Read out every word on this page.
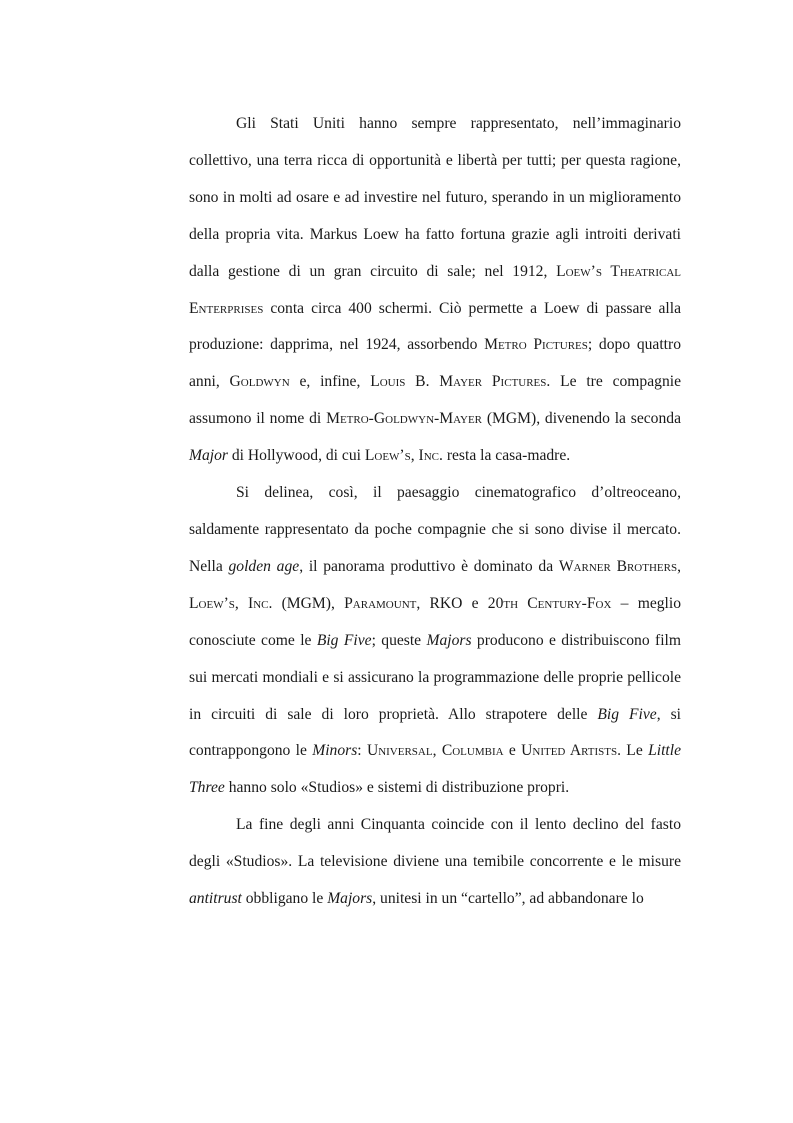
Gli Stati Uniti hanno sempre rappresentato, nell’immaginario collettivo, una terra ricca di opportunità e libertà per tutti; per questa ragione, sono in molti ad osare e ad investire nel futuro, sperando in un miglioramento della propria vita. Markus Loew ha fatto fortuna grazie agli introiti derivati dalla gestione di un gran circuito di sale; nel 1912, Loew’s Theatrical Enterprises conta circa 400 schermi. Ciò permette a Loew di passare alla produzione: dapprima, nel 1924, assorbendo Metro Pictures; dopo quattro anni, Goldwyn e, infine, Louis B. Mayer Pictures. Le tre compagnie assumono il nome di Metro-Goldwyn-Mayer (MGM), divenendo la seconda Major di Hollywood, di cui Loew’s, Inc. resta la casa-madre.

Si delinea, così, il paesaggio cinematografico d’oltreoceano, saldamente rappresentato da poche compagnie che si sono divise il mercato. Nella golden age, il panorama produttivo è dominato da Warner Brothers, Loew’s, Inc. (MGM), Paramount, RKO e 20th Century-Fox – meglio conosciute come le Big Five; queste Majors producono e distribuiscono film sui mercati mondiali e si assicurano la programmazione delle proprie pellicole in circuiti di sale di loro proprietà. Allo strapotere delle Big Five, si contrappongono le Minors: Universal, Columbia e United Artists. Le Little Three hanno solo «Studios» e sistemi di distribuzione propri.

La fine degli anni Cinquanta coincide con il lento declino del fasto degli «Studios». La televisione diviene una temibile concorrente e le misure antitrust obbligano le Majors, unitesi in un “cartello”, ad abbandonare lo
